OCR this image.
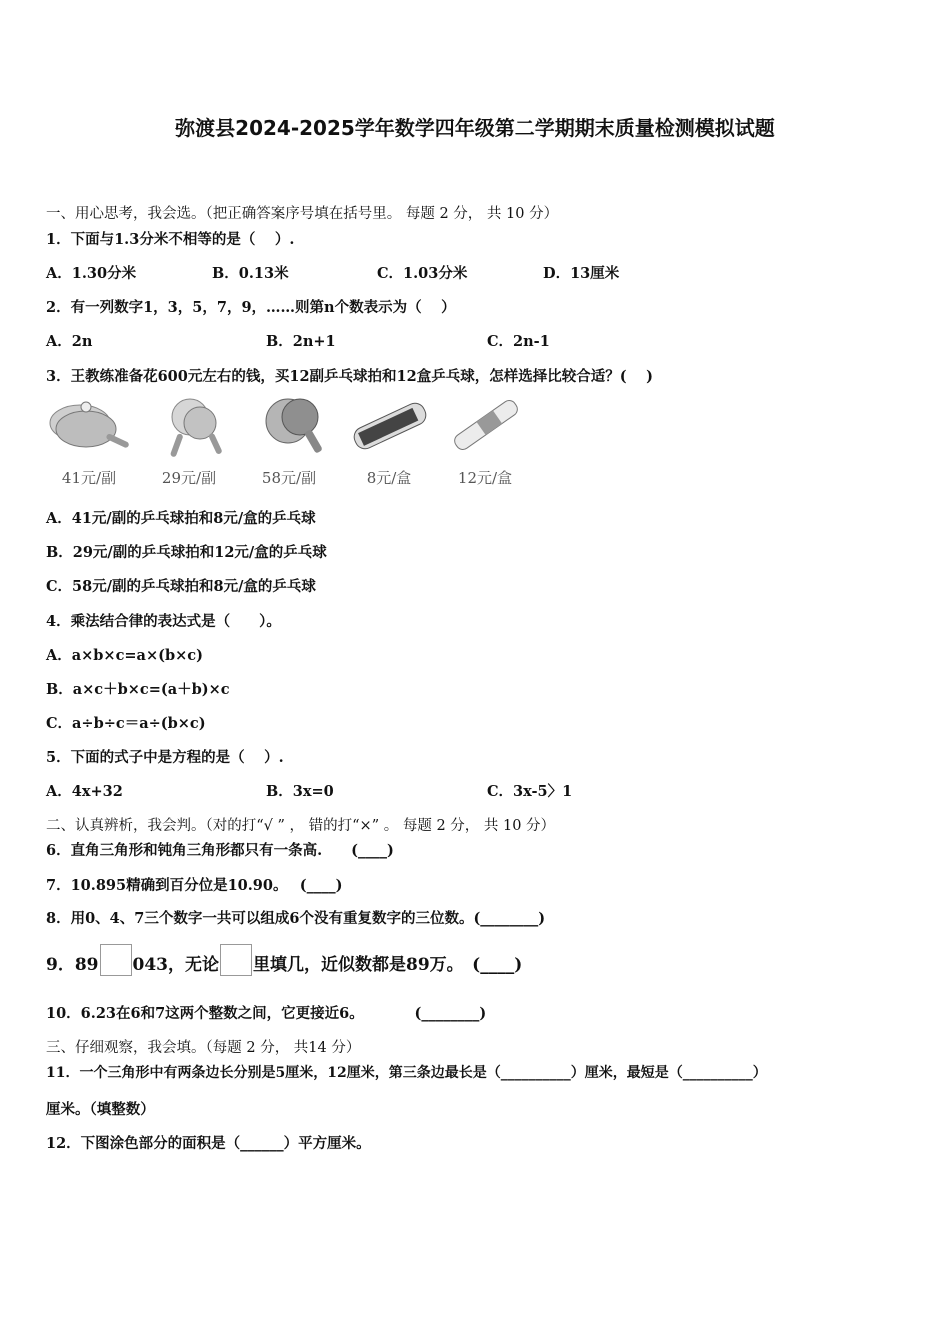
弥渡县2024-2025学年数学四年级第二学期期末质量检测模拟试题
一、用心思考，我会选。（把正确答案序号填在括号里。 每题 2 分， 共 10 分）
1．下面与1.3分米不相等的是（　 ）.
A．1.30分米	B．0.13米	C．1.03分米	D．13厘米
2．有一列数字1，3，5，7，9，……则第n个数表示为（　 ）
A．2n	B．2n+1	C．2n-1
3．王教练准备花600元左右的钱，买12副乒乓球拍和12盒乒乓球，怎样选择比较合适？(　 )
41元/副	29元/副	58元/副	8元/盒	12元/盒
A．41元/副的乒乓球拍和8元/盒的乒乓球
B．29元/副的乒乓球拍和12元/盒的乒乓球
C．58元/副的乒乓球拍和8元/盒的乒乓球
4．乘法结合律的表达式是（　　）。
A．a×b×c=a×(b×c)
B．a×c＋b×c=(a＋b)×c
C．a÷b÷c＝a÷(b×c)
5．下面的式子中是方程的是（　 ）.
A．4x+32	B．3x=0	C．3x-5〉1
二、认真辨析，我会判。（对的打“√ ” ， 错的打“×” 。 每题 2 分， 共 10 分）
6．直角三角形和钝角三角形都只有一条高.　　(____)
7．10.895精确到百分位是10.90。　 (____)
8．用0、4、7三个数字一共可以组成6个没有重复数字的三位数。(________)
9．89 043，无论 里填几，近似数都是89万。　(____)
10．6.23在6和7这两个整数之间，它更接近6。　　　　(________)
三、仔细观察，我会填。（每题 2 分， 共14 分）
11．一个三角形中有两条边长分别是5厘米，12厘米，第三条边最长是（__________）厘米，最短是（__________）
厘米。（填整数）
12．下图涂色部分的面积是（______）平方厘米。
